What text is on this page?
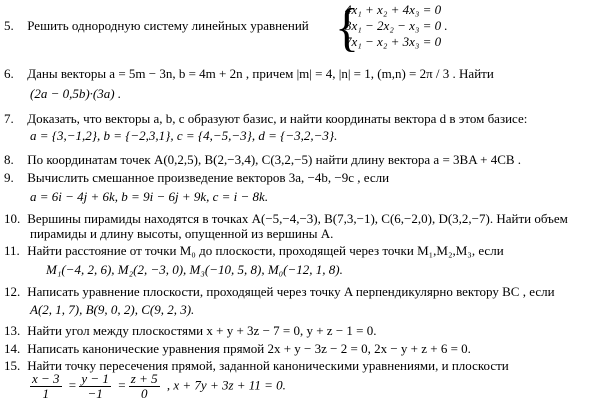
5. Решить однородную систему линейных уравнений {
4x₁ + x₂ + 4x₃ = 0
3x₁ − 2x₂ − x₃ = 0 .
7x₁ − x₂ + 3x₃ = 0
6. Даны векторы a = 5m − 3n, b = 4m + 2n , причем |m| = 4, |n| = 1, (m,n) = 2π / 3 . Найти
(2a − 0,5b)·(3a) .
7. Доказать, что векторы a, b, c образуют базис, и найти координаты вектора d в этом базисе:
a = {3,−1,2}, b = {−2,3,1}, c = {4,−5,−3}, d = {−3,2,−3}.
8. По координатам точек A(0,2,5), B(2,−3,4), C(3,2,−5) найти длину вектора a = 3BA + 4CB .
9. Вычислить смешанное произведение векторов 3a, −4b, −9c , если
a = 6i − 4j + 6k, b = 9i − 6j + 9k, c = i − 8k.
10. Вершины пирамиды находятся в точках A(−5,−4,−3), B(7,3,−1), C(6,−2,0), D(3,2,−7). Найти объем
пирамиды и длину высоты, опущенной из вершины A.
11. Найти расстояние от точки M₀ до плоскости, проходящей через точки M₁,M₂,M₃, если
M₁(−4, 2, 6), M₂(2, −3, 0), M₃(−10, 5, 8), M₀(−12, 1, 8).
12. Написать уравнение плоскости, проходящей через точку A перпендикулярно вектору BC , если
A(2, 1, 7), B(9, 0, 2), C(9, 2, 3).
13. Найти угол между плоскостями x + y + 3z − 7 = 0, y + z − 1 = 0.
14. Написать канонические уравнения прямой 2x + y − 3z − 2 = 0, 2x − y + z + 6 = 0.
15. Найти точку пересечения прямой, заданной каноническими уравнениями, и плоскости
$\frac{x - 3}{1} = \frac{y - 1}{-1} = \frac{z + 5}{0}$ , x + 7y + 3z + 11 = 0.
